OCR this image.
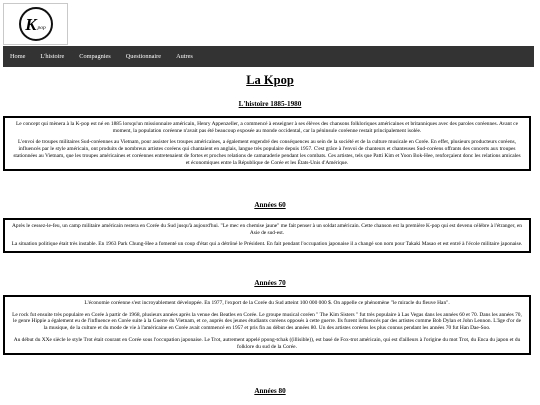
K pop
Home	L'histoire	Compagnies	Questionnaire	Autres
La Kpop
L'histoire 1885-1980

Le concept qui mènera à la K-pop est né en 1885 lorsqu'un missionnaire américain, Henry Appenzeller, a commencé à enseigner à ses élèves des chansons folkloriques américaines et britanniques avec des paroles coréennes. Avant ce moment, la population coréenne n'avait pas été beaucoup exposée au monde occidental, car la péninsule coréenne restait principalement isolée.

L'envoi de troupes militaires Sud-coréennes au Vietnam, pour assister les troupes américaines, a également engendré des conséquences au sein de la société et de la culture musicale en Corée. En effet, plusieurs producteurs coréens, influencés par le style américain, ont produits de nombreux artistes coréens qui chantaient en anglais, langue très populaire depuis 1957. C'est grâce à l'envoi de chanteurs et chanteuses Sud-coréens offrants des concerts aux troupes stationnées au Vietnam, que les troupes américaines et coréennes entretenaient de fortes et proches relations de camaraderie pendant les combats. Ces artistes, tels que Patti Kim et Yoon Bok-Hee, renforçaient donc les relations amicales et économiques entre la République de Corée et les États-Unis d'Amérique.

Années 60

Après le cessez-le-feu, un camp militaire américain restera en Corée du Sud jusqu'à aujourd'hui. "Le mec en chemise jaune" me fait penser à un soldat américain. Cette chanson est la première K-pop qui est devenu célèbre à l'étranger, en Asie de sud-est.

La situation politique était très instable. En 1963 Park Chung-Hee a fomenté un coup d'état qui a détrôné le Président. En fait pendant l'occupation japonaise il a changé son nom pour Takaki Masao et est entré à l'école militaire japonaise.

Années 70

L'économie coréenne s'est incroyablement développée. En 1977, l'export de la Corée du Sud atteint 100 000 000 $. On appelle ce phénomène "le miracle du fleuve Han".

Le rock fut ensuite très populaire en Corée à partir de 1968, plusieurs années après la venue des Beatles en Corée. Le groupe musical coréen " The Kim Sisters " fut très populaire à Las Vegas dans les années 60 et 70. Dans les années 70, le genre Hippie a également eu de l'influence en Corée suite à la Guerre du Vietnam, et ce, auprès des jeunes étudiants coréens opposés à cette guerre. Ils furent influencés par des artistes comme Bob Dylan et John Lennon. L'âge d'or de la musique, de la culture et du mode de vie à l'américaine en Corée avait commencé en 1957 et pris fin au début des années 80. Un des artistes coréens les plus connus pendant les années 70 fut Han Dae-Soo.

Au début du XXe siècle le style Trot était courant en Corée sous l'occupation japonaise. Le Trot, autrement appelé ppong-tchak ((illisible)), est basé de Fox-trot américain, qui est d'ailleurs à l'origine du mot Trot, du Enca du japon et du folklore du sud de la Corée.

Années 80
